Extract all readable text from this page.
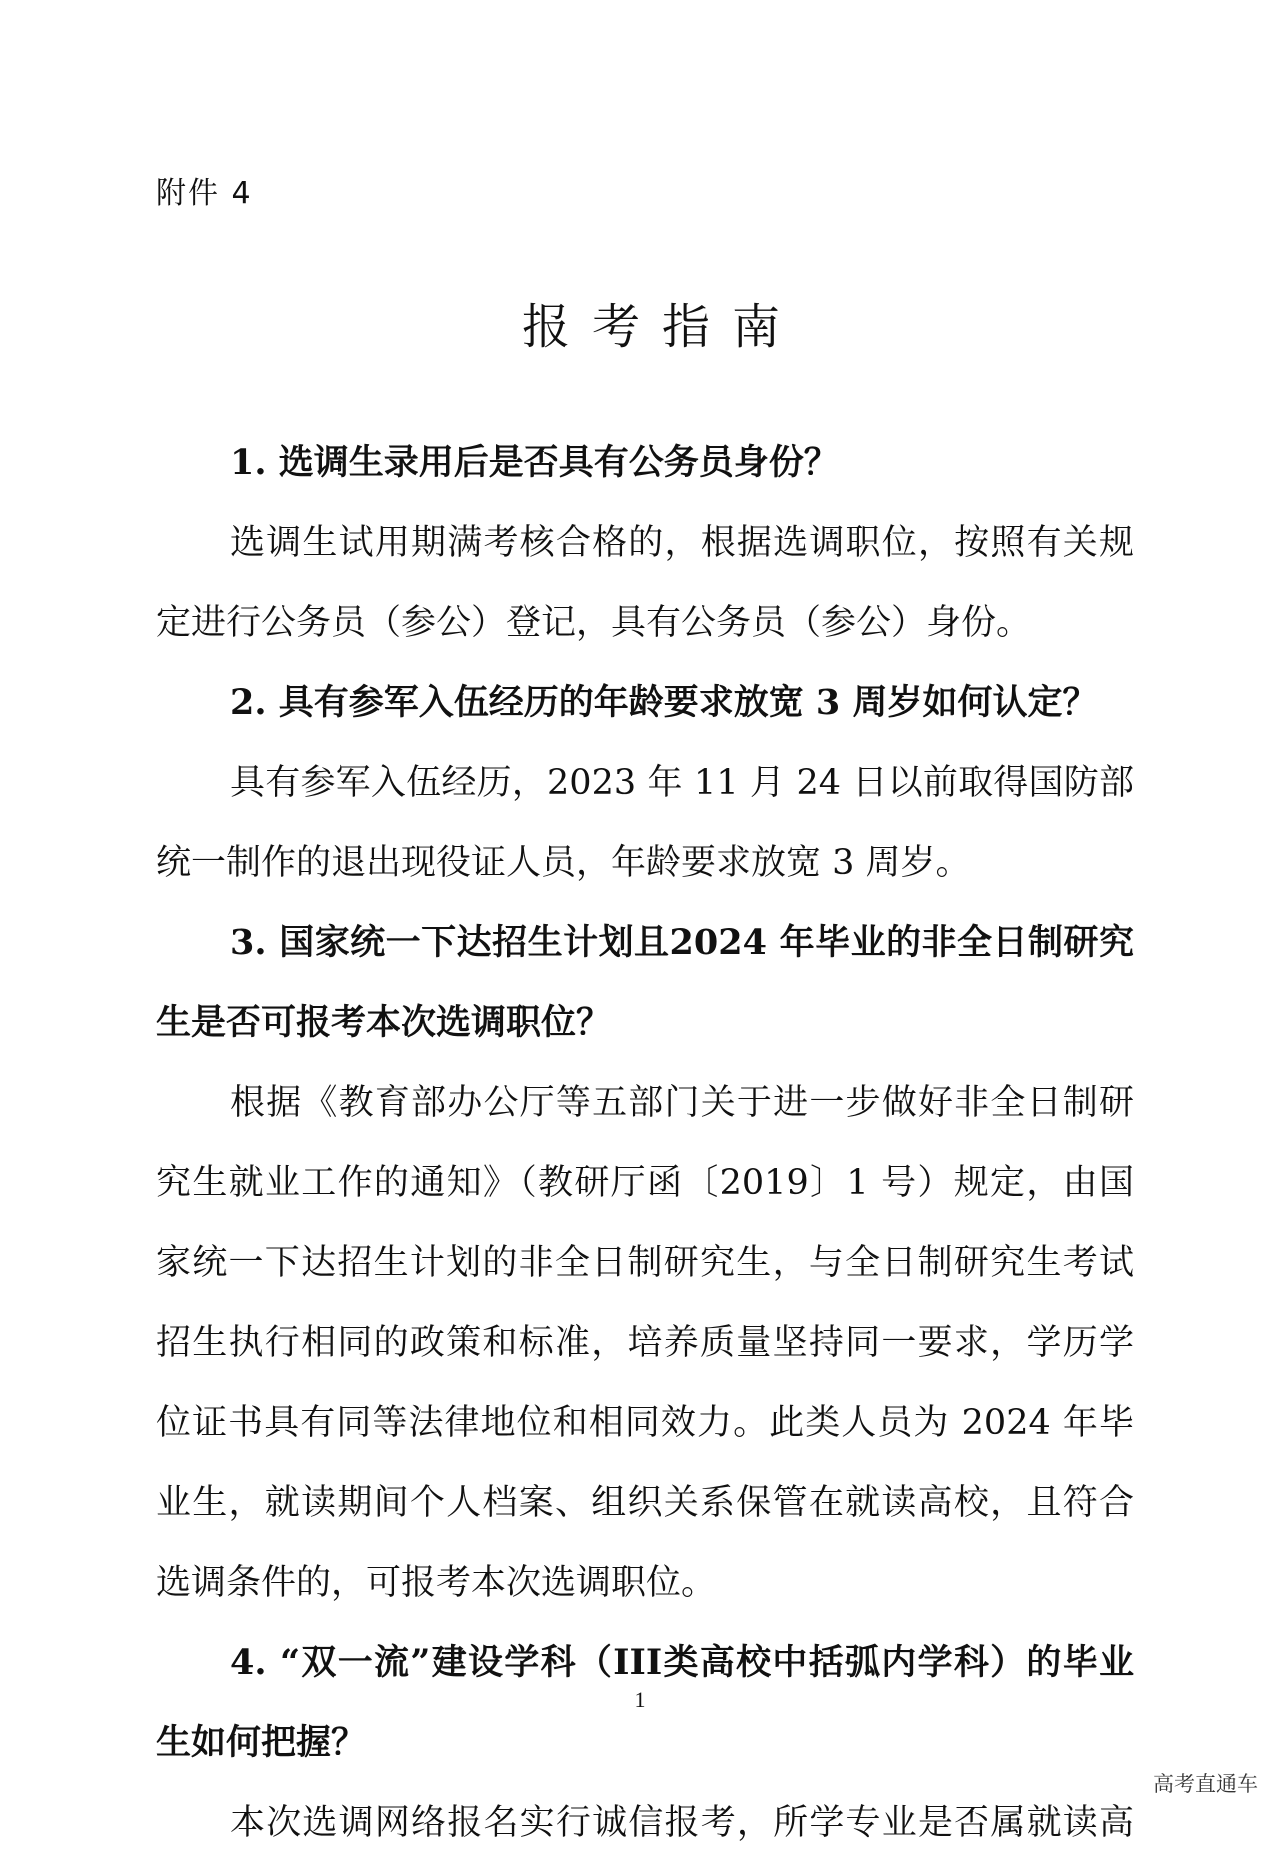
附件 4
报考指南
1. 选调生录用后是否具有公务员身份？
选调生试用期满考核合格的，根据选调职位，按照有关规
定进行公务员（参公）登记，具有公务员（参公）身份。
2. 具有参军入伍经历的年龄要求放宽 3 周岁如何认定？
具有参军入伍经历，2023 年 11 月 24 日以前取得国防部
统一制作的退出现役证人员，年龄要求放宽 3 周岁。
3. 国家统一下达招生计划且2024 年毕业的非全日制研究
生是否可报考本次选调职位？
根据《教育部办公厅等五部门关于进一步做好非全日制研
究生就业工作的通知》（教研厅函〔2019〕1 号）规定，由国
家统一下达招生计划的非全日制研究生，与全日制研究生考试
招生执行相同的政策和标准，培养质量坚持同一要求，学历学
位证书具有同等法律地位和相同效力。此类人员为 2024 年毕
业生，就读期间个人档案、组织关系保管在就读高校，且符合
选调条件的，可报考本次选调职位。
4. “双一流”建设学科（III类高校中括弧内学科）的毕业
生如何把握？
本次选调网络报名实行诚信报考，所学专业是否属就读高
1
高考直通车
